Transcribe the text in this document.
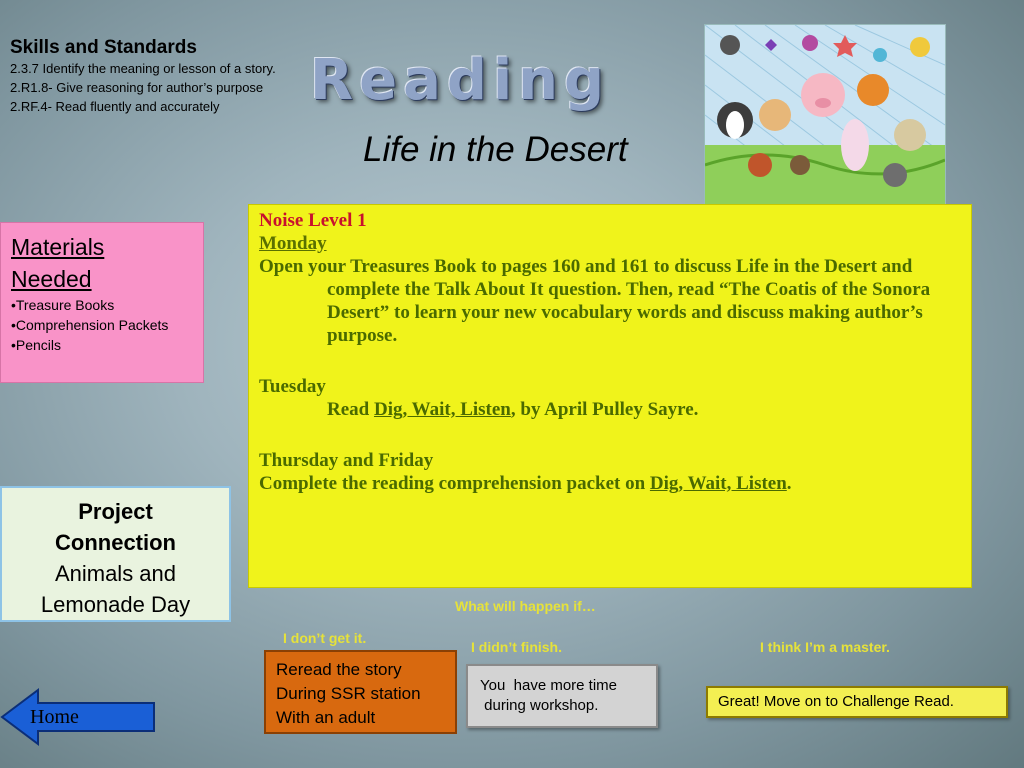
Skills and Standards
2.3.7 Identify the meaning or lesson of a story.
2.R1.8- Give reasoning for author’s purpose
2.RF.4- Read fluently and accurately	Reading
Life in the Desert
Materials
Needed
•Treasure Books
•Comprehension Packets
•Pencils

Noise Level 1

Monday

Open your Treasures Book to pages 160 and 161 to discuss Life in the Desert and complete the Talk About It question. Then, read “The Coatis of the Sonora Desert” to learn your new vocabulary words and discuss making author’s purpose.

Tuesday

Read Dig, Wait, Listen, by April Pulley Sayre.

Thursday and Friday

Complete the reading comprehension packet on Dig, Wait, Listen.

Project
Connection
Animals and
Lemonade Day	What will happen if…
I don’t get it.
I didn’t finish.	I think I’m a master.
Reread the story
During SSR station
With an adult
You  have more time
during workshop.	Great! Move on to Challenge Read.
Home
